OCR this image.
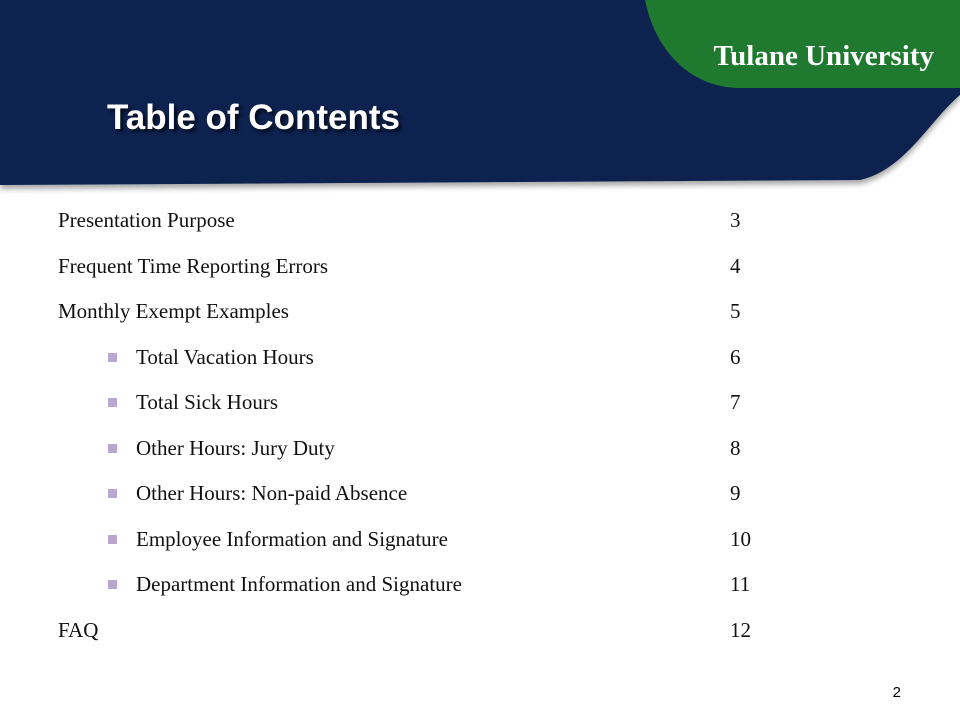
Tulane University
Table of Contents
Presentation Purpose	3
Frequent Time Reporting Errors	4
Monthly Exempt Examples	5
Total Vacation Hours	6
Total Sick Hours	7
Other Hours: Jury Duty	8
Other Hours: Non-paid Absence	9
Employee Information and Signature	10
Department Information and Signature	11
FAQ	12
2
